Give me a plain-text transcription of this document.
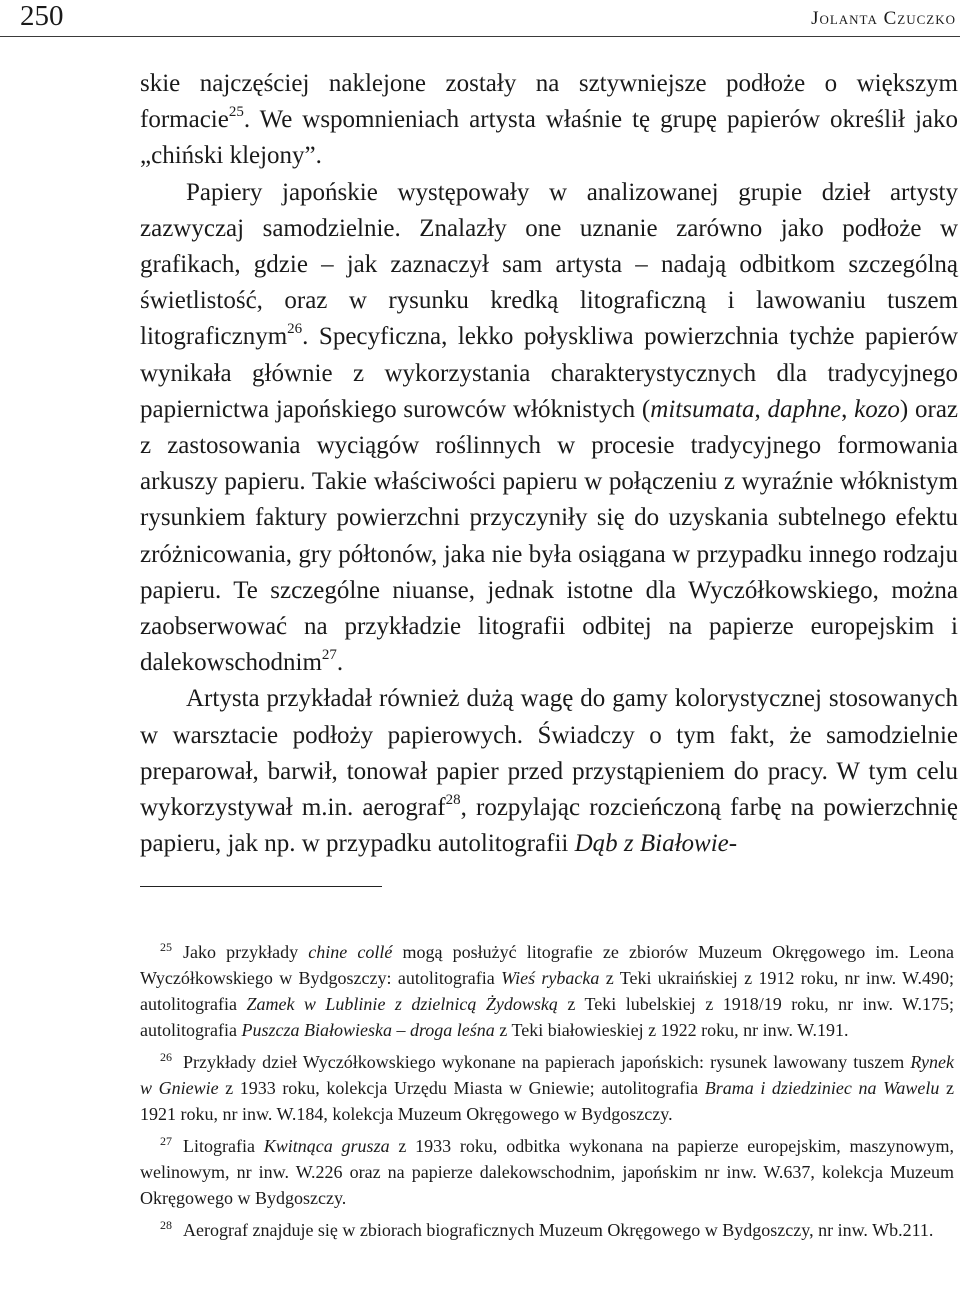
250	Jolanta Czuczko

skie najczęściej naklejone zostały na sztywniejsze podłoże o większym formacie$^{25}$. We wspomnieniach artysta właśnie tę grupę papierów określił jako „chiński klejony”.

Papiery japońskie występowały w analizowanej grupie dzieł artysty zazwyczaj samodzielnie. Znalazły one uznanie zarówno jako podłoże w grafikach, gdzie – jak zaznaczył sam artysta – nadają odbitkom szczególną świetlistość, oraz w rysunku kredką litograficzną i lawowaniu tuszem litograficznym$^{26}$. Specyficzna, lekko połyskliwa powierzchnia tychże papierów wynikała głównie z wykorzystania charakterystycznych dla tradycyjnego papiernictwa japońskiego surowców włóknistych (mitsumata, daphne, kozo) oraz z zastosowania wyciągów roślinnych w procesie tradycyjnego formowania arkuszy papieru. Takie właściwości papieru w połączeniu z wyraźnie włóknistym rysunkiem faktury powierzchni przyczyniły się do uzyskania subtelnego efektu zróżnicowania, gry półtonów, jaka nie była osiągana w przypadku innego rodzaju papieru. Te szczególne niuanse, jednak istotne dla Wyczółkowskiego, można zaobserwować na przykładzie litografii odbitej na papierze europejskim i dalekowschodnim$^{27}$.

Artysta przykładał również dużą wagę do gamy kolorystycznej stosowanych w warsztacie podłoży papierowych. Świadczy o tym fakt, że samodzielnie preparował, barwił, tonował papier przed przystąpieniem do pracy. W tym celu wykorzystywał m.in. aerograf$^{28}$, rozpylając rozcieńczoną farbę na powierzchnię papieru, jak np. w przypadku autolitografii Dąb z Białowie-

$^{25}$ Jako przykłady chine collé mogą posłużyć litografie ze zbiorów Muzeum Okręgowego im. Leona Wyczółkowskiego w Bydgoszczy: autolitografia Wieś rybacka z Teki ukraińskiej z 1912 roku, nr inw. W.490; autolitografia Zamek w Lublinie z dzielnicą Żydowską z Teki lubelskiej z 1918/19 roku, nr inw. W.175; autolitografia Puszcza Białowieska – droga leśna z Teki białowieskiej z 1922 roku, nr inw. W.191.

$^{26}$ Przykłady dzieł Wyczółkowskiego wykonane na papierach japońskich: rysunek lawowany tuszem Rynek w Gniewie z 1933 roku, kolekcja Urzędu Miasta w Gniewie; autolitografia Brama i dziedziniec na Wawelu z 1921 roku, nr inw. W.184, kolekcja Muzeum Okręgowego w Bydgoszczy.

$^{27}$ Litografia Kwitnąca grusza z 1933 roku, odbitka wykonana na papierze europejskim, maszynowym, welinowym, nr inw. W.226 oraz na papierze dalekowschodnim, japońskim nr inw. W.637, kolekcja Muzeum Okręgowego w Bydgoszczy.

$^{28}$ Aerograf znajduje się w zbiorach biograficznych Muzeum Okręgowego w Bydgoszczy, nr inw. Wb.211.
